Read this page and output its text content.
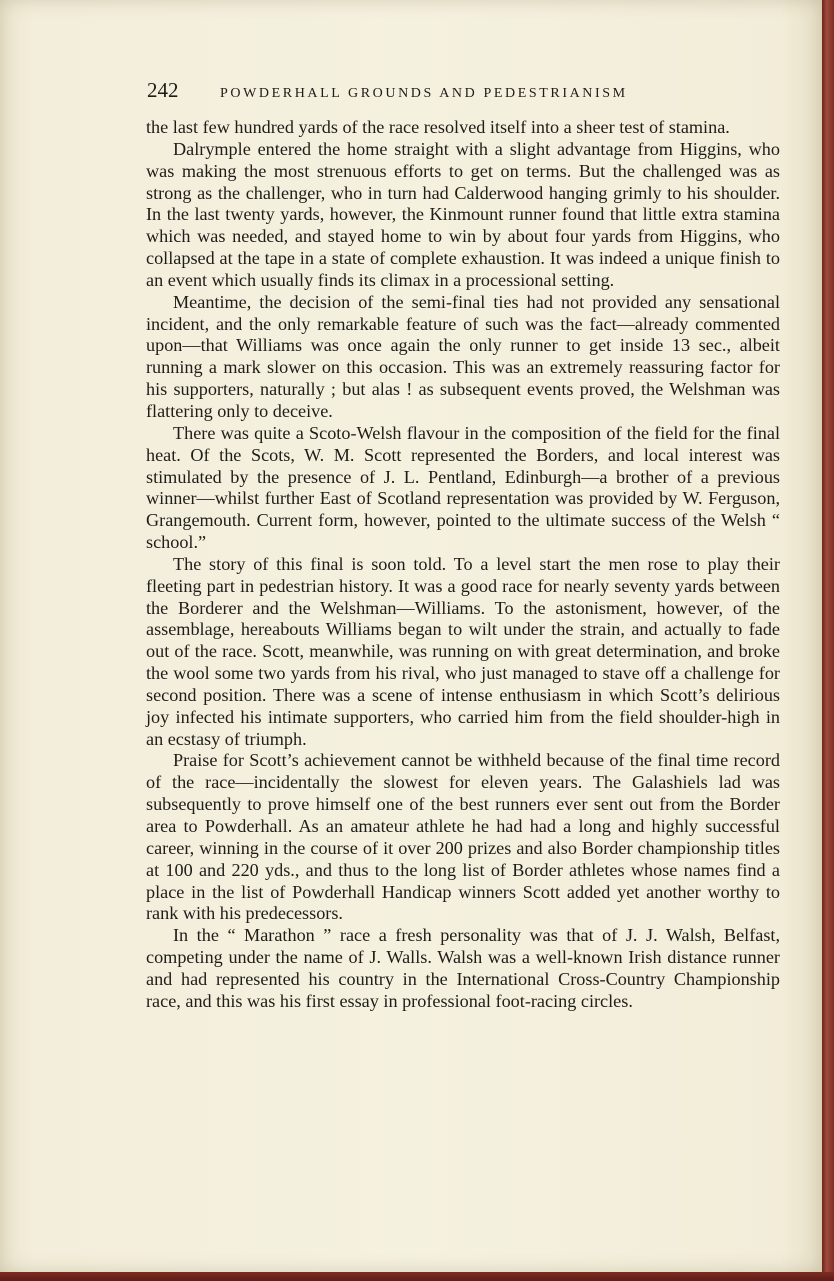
242	POWDERHALL GROUNDS AND PEDESTRIANISM

the last few hundred yards of the race resolved itself into a sheer test of stamina.

Dalrymple entered the home straight with a slight advantage from Higgins, who was making the most strenuous efforts to get on terms. But the challenged was as strong as the challenger, who in turn had Calderwood hanging grimly to his shoulder. In the last twenty yards, however, the Kinmount runner found that little extra stamina which was needed, and stayed home to win by about four yards from Higgins, who collapsed at the tape in a state of complete exhaustion. It was indeed a unique finish to an event which usually finds its climax in a processional setting.

Meantime, the decision of the semi-final ties had not provided any sensational incident, and the only remarkable feature of such was the fact—already commented upon—that Williams was once again the only runner to get inside 13 sec., albeit running a mark slower on this occasion. This was an extremely reassuring factor for his supporters, naturally ; but alas ! as subsequent events proved, the Welshman was flattering only to deceive.

There was quite a Scoto-Welsh flavour in the composition of the field for the final heat. Of the Scots, W. M. Scott represented the Borders, and local interest was stimulated by the presence of J. L. Pentland, Edinburgh—a brother of a previous winner—whilst further East of Scotland representation was provided by W. Ferguson, Grangemouth. Current form, however, pointed to the ultimate success of the Welsh “ school.”

The story of this final is soon told. To a level start the men rose to play their fleeting part in pedestrian history. It was a good race for nearly seventy yards between the Borderer and the Welshman—Williams. To the astonisment, however, of the assemblage, hereabouts Williams began to wilt under the strain, and actually to fade out of the race. Scott, meanwhile, was running on with great determination, and broke the wool some two yards from his rival, who just managed to stave off a challenge for second position. There was a scene of intense enthusiasm in which Scott’s delirious joy infected his intimate supporters, who carried him from the field shoulder-high in an ecstasy of triumph.

Praise for Scott’s achievement cannot be withheld because of the final time record of the race—incidentally the slowest for eleven years. The Galashiels lad was subsequently to prove himself one of the best runners ever sent out from the Border area to Powderhall. As an amateur athlete he had had a long and highly successful career, winning in the course of it over 200 prizes and also Border championship titles at 100 and 220 yds., and thus to the long list of Border athletes whose names find a place in the list of Powderhall Handicap winners Scott added yet another worthy to rank with his predecessors.

In the “ Marathon ” race a fresh personality was that of J. J. Walsh, Belfast, competing under the name of J. Walls. Walsh was a well-known Irish distance runner and had represented his country in the International Cross-Country Championship race, and this was his first essay in professional foot-racing circles.
